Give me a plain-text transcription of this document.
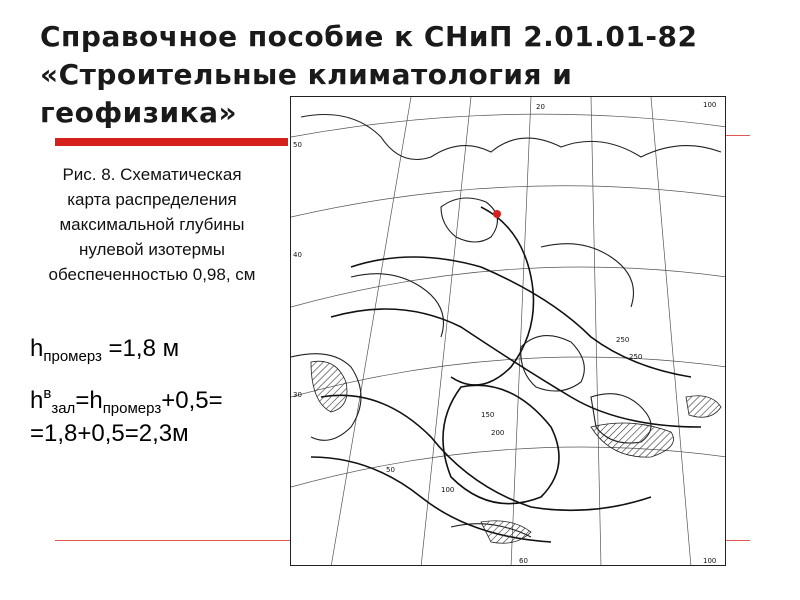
Справочное пособие к СНиП 2.01.01-82
«Строительные климатология и
геофизика»
Рис. 8. Схематическая
карта распределения
максимальной глубины
нулевой изотермы
обеспеченностью 0,98, см
$h_{промерз} =1,8$ м
$h^в_{зал}=h_{промерз}+0,5=$
=1,8+0,5=2,3м
20	100
50
40
30
60	100
250
250
200
150
100
50
